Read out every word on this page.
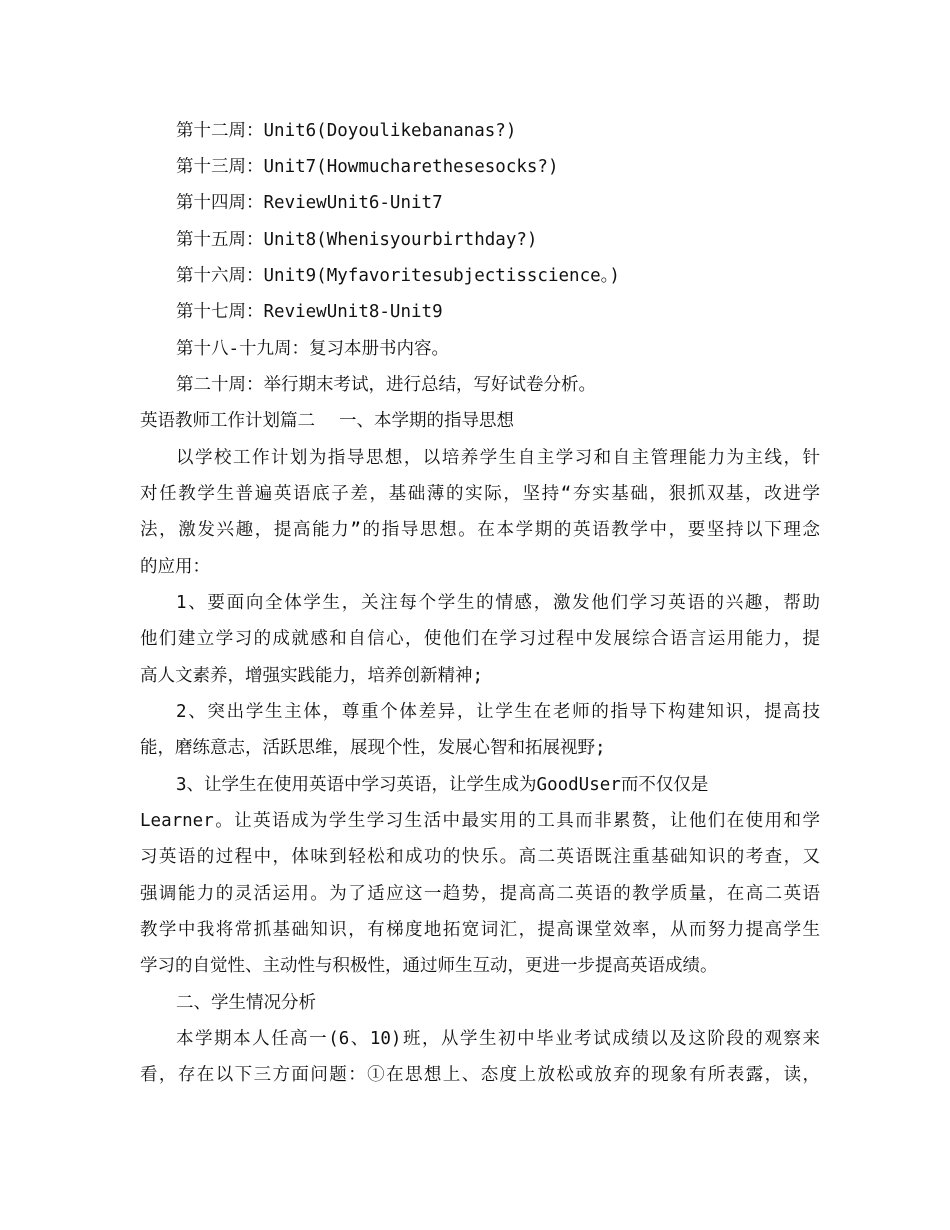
第十二周：Unit6(Doyoulikebananas?)
第十三周：Unit7(Howmucharethesesocks?)
第十四周：ReviewUnit6-Unit7
第十五周：Unit8(Whenisyourbirthday?)
第十六周：Unit9(Myfavoritesubjectisscience。)
第十七周：ReviewUnit8-Unit9
第十八-十九周：复习本册书内容。
第二十周：举行期末考试，进行总结，写好试卷分析。
英语教师工作计划篇二 一、本学期的指导思想
以学校工作计划为指导思想，以培养学生自主学习和自主管理能力为主线，针
对任教学生普遍英语底子差，基础薄的实际，坚持“夯实基础，狠抓双基，改进学
法，激发兴趣，提高能力”的指导思想。在本学期的英语教学中，要坚持以下理念
的应用：
1、要面向全体学生，关注每个学生的情感，激发他们学习英语的兴趣，帮助
他们建立学习的成就感和自信心，使他们在学习过程中发展综合语言运用能力，提
高人文素养，增强实践能力，培养创新精神;
2、突出学生主体，尊重个体差异，让学生在老师的指导下构建知识，提高技
能，磨练意志，活跃思维，展现个性，发展心智和拓展视野;
3、让学生在使用英语中学习英语，让学生成为GoodUser而不仅仅是
Learner。让英语成为学生学习生活中最实用的工具而非累赘，让他们在使用和学
习英语的过程中，体味到轻松和成功的快乐。高二英语既注重基础知识的考查，又
强调能力的灵活运用。为了适应这一趋势，提高高二英语的教学质量，在高二英语
教学中我将常抓基础知识，有梯度地拓宽词汇，提高课堂效率，从而努力提高学生
学习的自觉性、主动性与积极性，通过师生互动，更进一步提高英语成绩。
二、学生情况分析
本学期本人任高一(6、10)班，从学生初中毕业考试成绩以及这阶段的观察来
看，存在以下三方面问题：①在思想上、态度上放松或放弃的现象有所表露，读，
